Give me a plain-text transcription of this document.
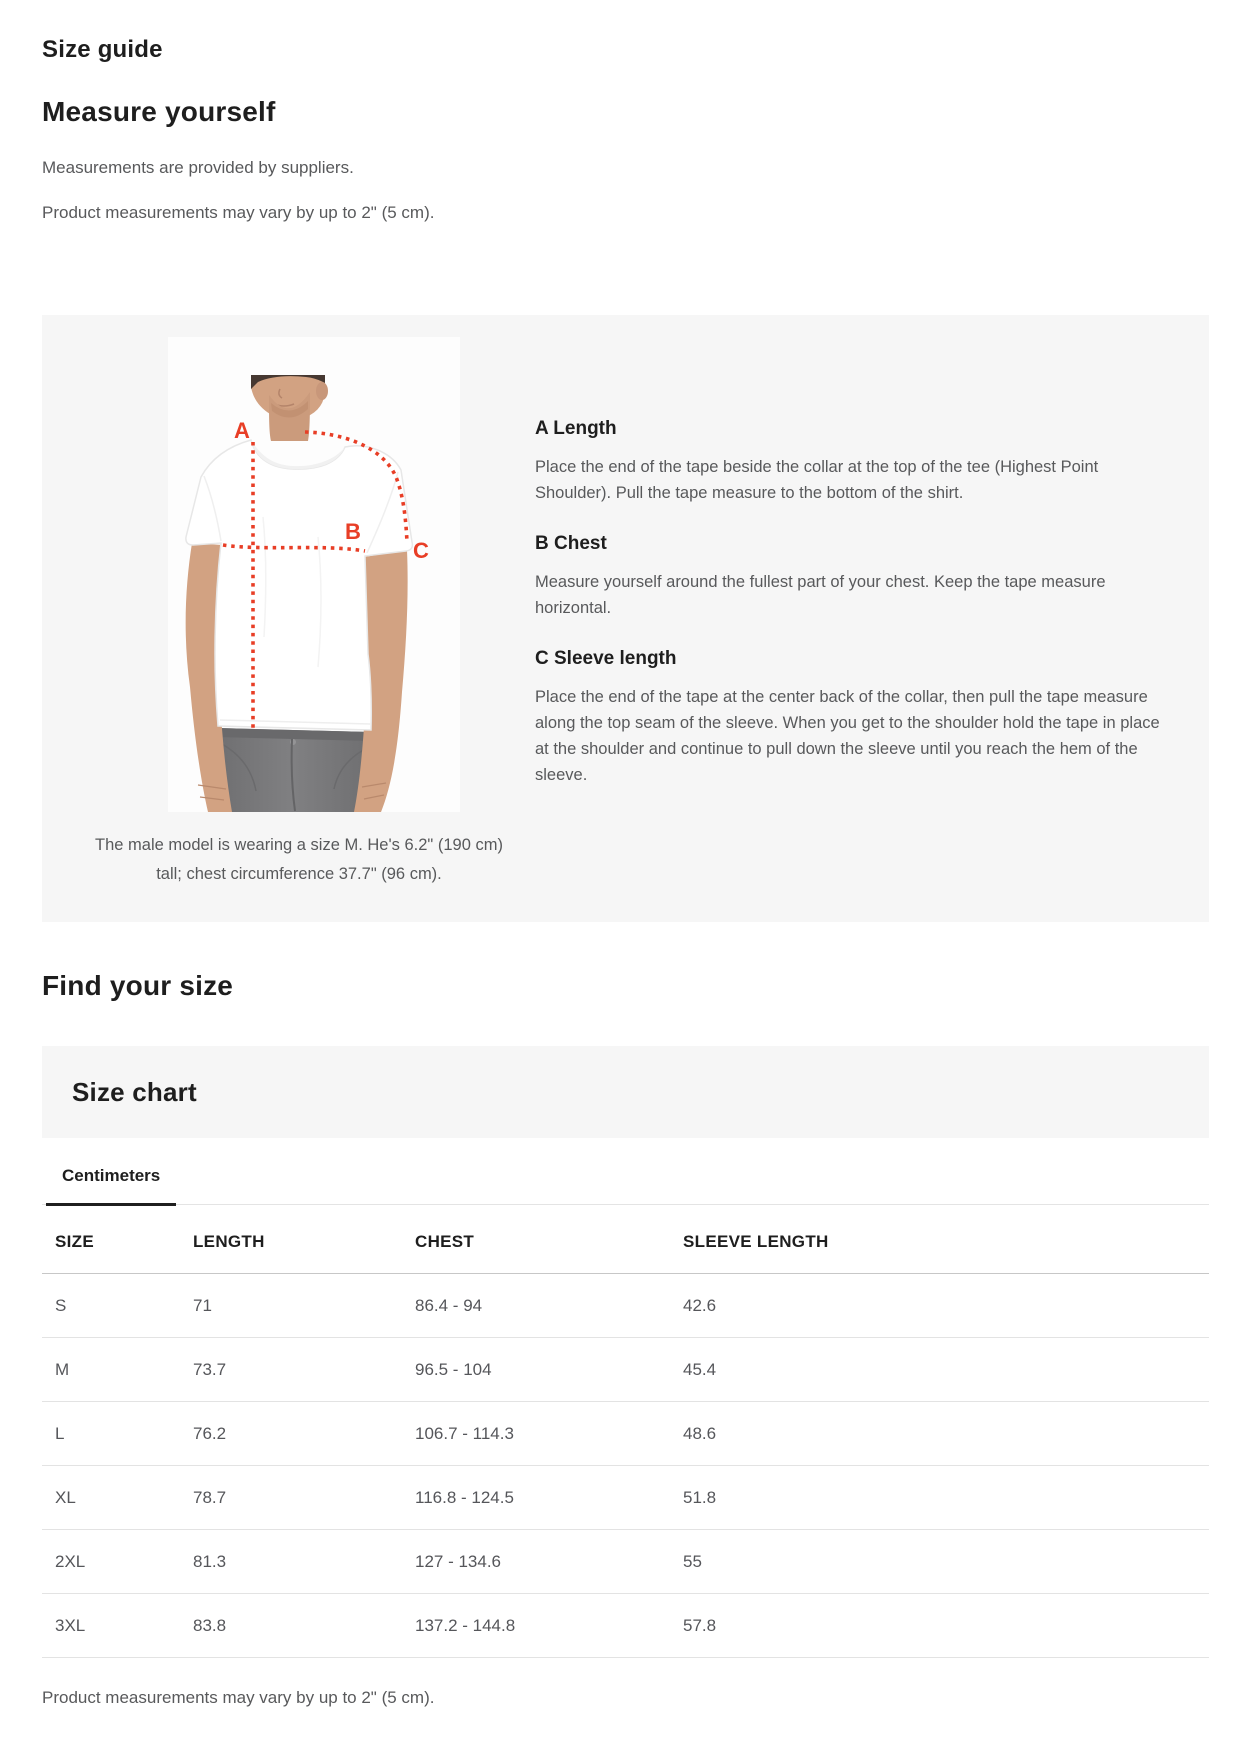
Size guide
Measure yourself

Measurements are provided by suppliers.

Product measurements may vary by up to 2" (5 cm).

A
B
C
The male model is wearing a size M. He's 6.2" (190 cm) tall; chest circumference 37.7" (96 cm).
A Length

Place the end of the tape beside the collar at the top of the tee (Highest Point Shoulder). Pull the tape measure to the bottom of the shirt.

B Chest

Measure yourself around the fullest part of your chest. Keep the tape measure horizontal.

C Sleeve length

Place the end of the tape at the center back of the collar, then pull the tape measure along the top seam of the sleeve. When you get to the shoulder hold the tape in place at the shoulder and continue to pull down the sleeve until you reach the hem of the sleeve.

Find your size
Size chart
Centimeters
SIZE	LENGTH	CHEST	SLEEVE LENGTH
S	71	86.4 - 94	42.6
M	73.7	96.5 - 104	45.4
L	76.2	106.7 - 114.3	48.6
XL	78.7	116.8 - 124.5	51.8
2XL	81.3	127 - 134.6	55
3XL	83.8	137.2 - 144.8	57.8

Product measurements may vary by up to 2" (5 cm).
